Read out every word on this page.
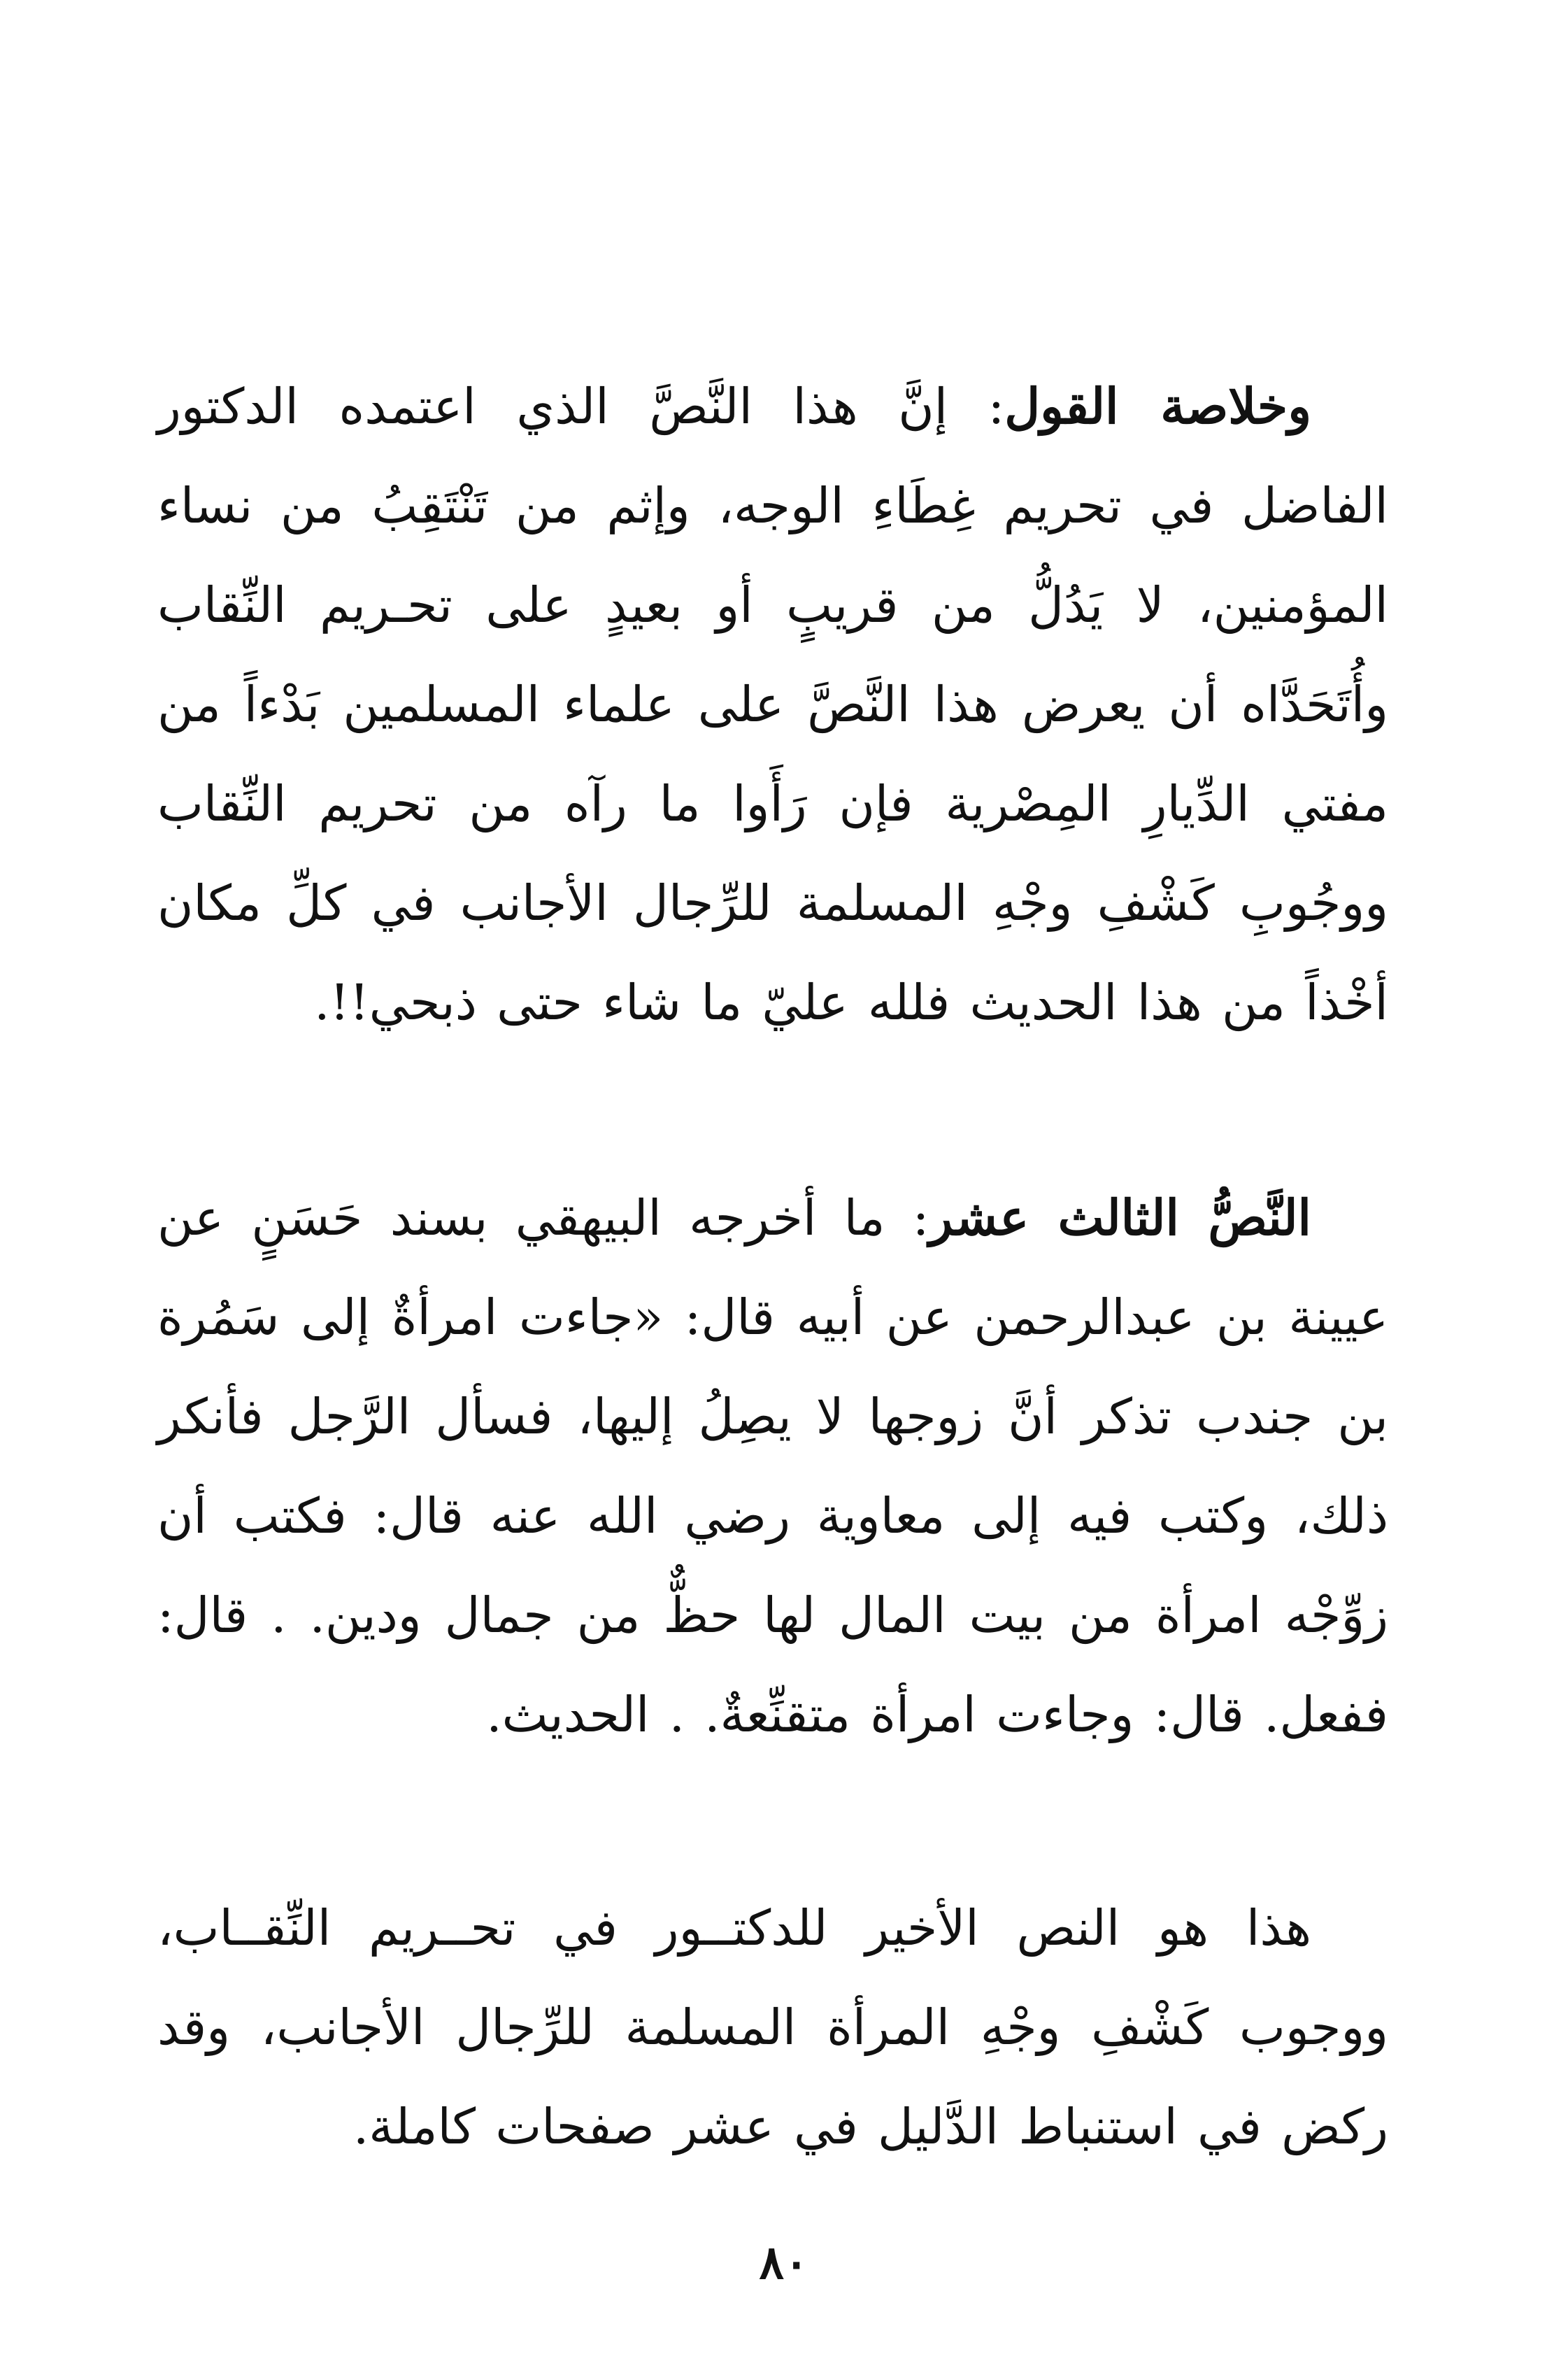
وخلاصة القول: إنَّ هذا النَّصَّ الذي اعتمده الدكتور الفاضل في تحريم غِطَاءِ الوجه، وإثم من تَنْتَقِبُ من نساء المؤمنين، لا يَدُلُّ من قريبٍ أو بعيدٍ على تحـريم النِّقاب وأُتَحَدَّاه أن يعرض هذا النَّصَّ على علماء المسلمين بَدْءاً من مفتي الدِّيارِ المِصْرية فإن رَأَوا ما رآه من تحريم النِّقاب ووجُوبِ كَشْفِ وجْهِ المسلمة للرِّجال الأجانب في كلِّ مكان أخْذاً من هذا الحديث فلله عليّ ما شاء حتى ذبحي!!.

النَّصُّ الثالث عشر: ما أخرجه البيهقي بسند حَسَنٍ عن عيينة بن عبدالرحمن عن أبيه قال: «جاءت امرأةٌ إلى سَمُرة بن جندب تذكر أنَّ زوجها لا يصِلُ إليها، فسأل الرَّجل فأنكر ذلك، وكتب فيه إلى معاوية رضي الله عنه قال: فكتب أن زوِّجْه امرأة من بيت المال لها حظٌّ من جمال ودين. . قال: ففعل. قال: وجاءت امرأة متقنِّعةٌ. . الحديث.

هذا هو النص الأخير للدكتــور في تحــريم النِّقــاب، ووجوب كَشْفِ وجْهِ المرأة المسلمة للرِّجال الأجانب، وقد ركض في استنباط الدَّليل في عشر صفحات كاملة.

٨٠
